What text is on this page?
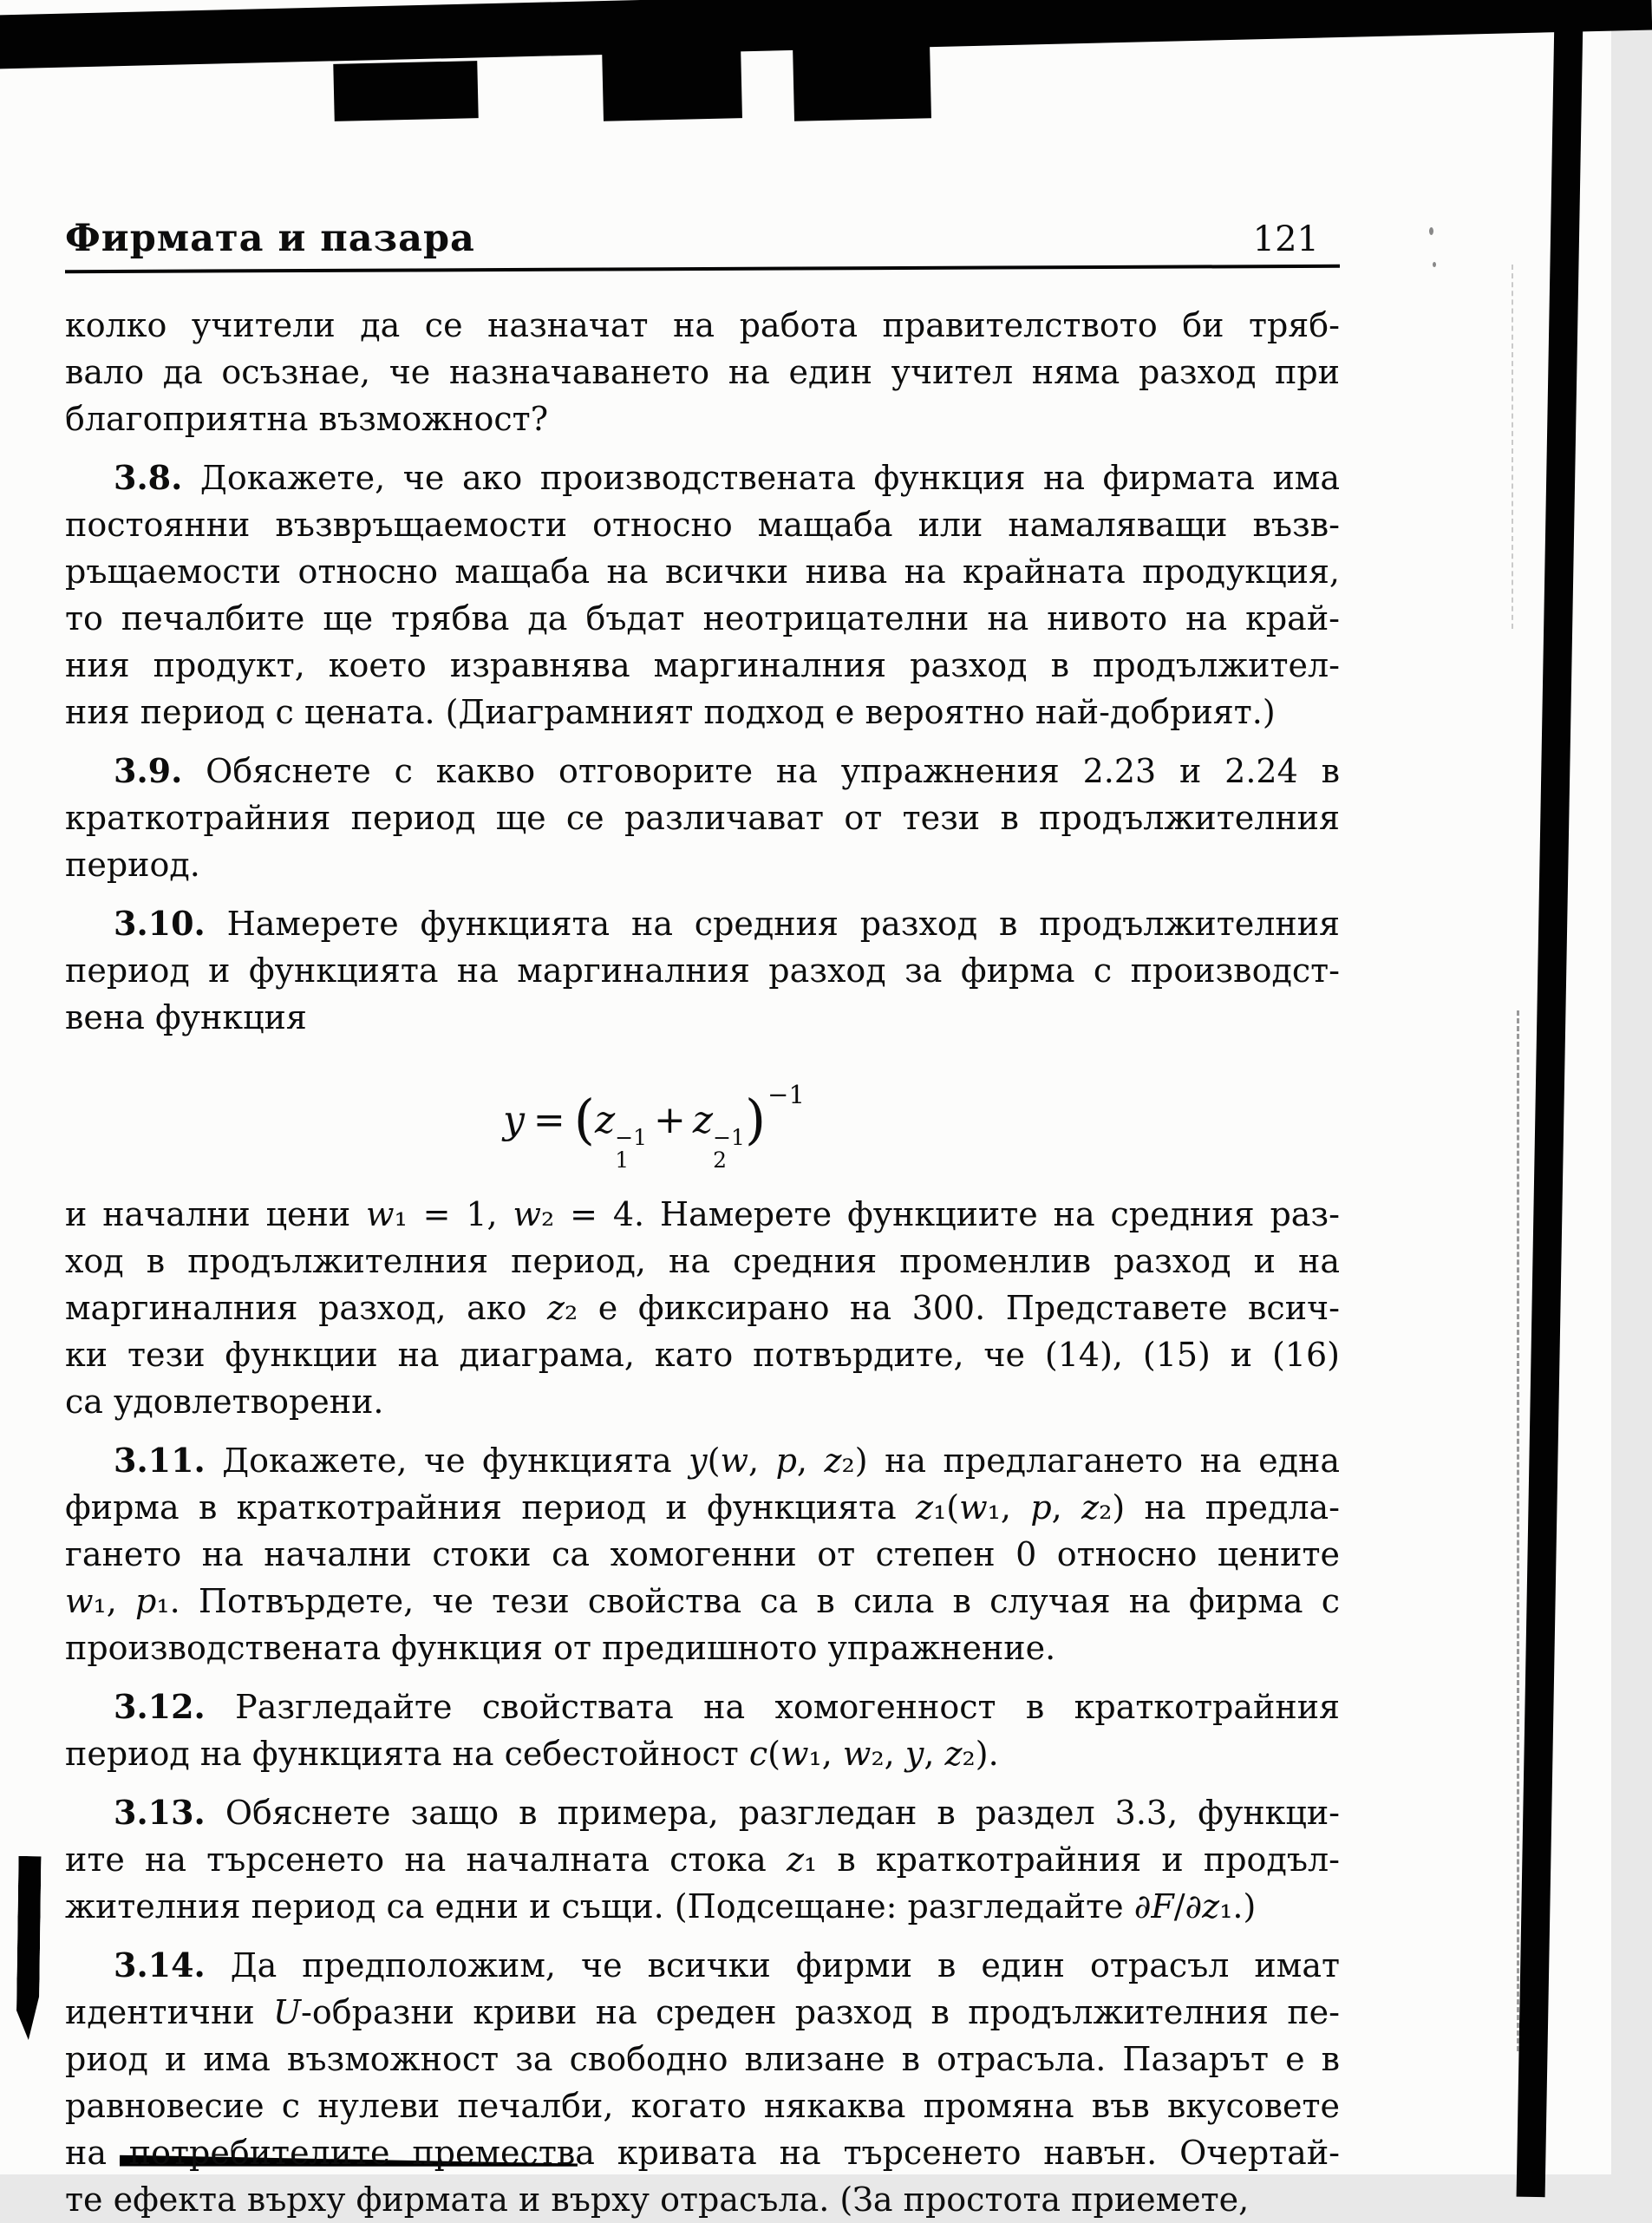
Фирмата и пазара	121
колко учители да се назначат на работа правителството би тряб-
вало да осъзнае, че назначаването на един учител няма разход при
благоприятна възможност?
3.8. Докажете, че ако производствената функция на фирмата има
постоянни възвръщаемости относно мащаба или намаляващи възв-
ръщаемости относно мащаба на всички нива на крайната продукция,
то печалбите ще трябва да бъдат неотрицателни на нивото на край-
ния продукт, което изравнява маргиналния разход в продължител-
ния период с цената. (Диаграмният подход е вероятно най-добрият.)
3.9. Обяснете с какво отговорите на упражнения 2.23 и 2.24 в
краткотрайния период ще се различават от тези в продължителния
период.
3.10. Намерете функцията на средния разход в продължителния
период и функцията на маргиналния разход за фирма с производст-
вена функция
y = (z −1
1
+ z −1
2
)$^{-1}$
и начални цени w₁ = 1, w₂ = 4. Намерете функциите на средния раз-
ход в продължителния период, на средния променлив разход и на
маргиналния разход, ако z₂ е фиксирано на 300. Представете всич-
ки тези функции на диаграма, като потвърдите, че (14), (15) и (16)
са удовлетворени.
3.11. Докажете, че функцията y(w, p, z₂) на предлагането на една
фирма в краткотрайния период и функцията z₁(w₁, p, z₂) на предла-
гането на начални стоки са хомогенни от степен 0 относно цените
w₁, p₁. Потвърдете, че тези свойства са в сила в случая на фирма с
производствената функция от предишното упражнение.
3.12. Разгледайте свойствата на хомогенност в краткотрайния
период на функцията на себестойност c(w₁, w₂, y, z₂).
3.13. Обяснете защо в примера, разгледан в раздел 3.3, функци-
ите на търсенето на началната стока z₁ в краткотрайния и продъл-
жителния период са едни и същи. (Подсещане: разгледайте ∂F/∂z₁.)
3.14. Да предположим, че всички фирми в един отрасъл имат
идентични U-образни криви на среден разход в продължителния пе-
риод и има възможност за свободно влизане в отрасъла. Пазарът е в
равновесие с нулеви печалби, когато някаква промяна във вкусовете
на потребителите премества кривата на търсенето навън. Очертай-
те ефекта върху фирмата и върху отрасъла. (За простота приемете,
